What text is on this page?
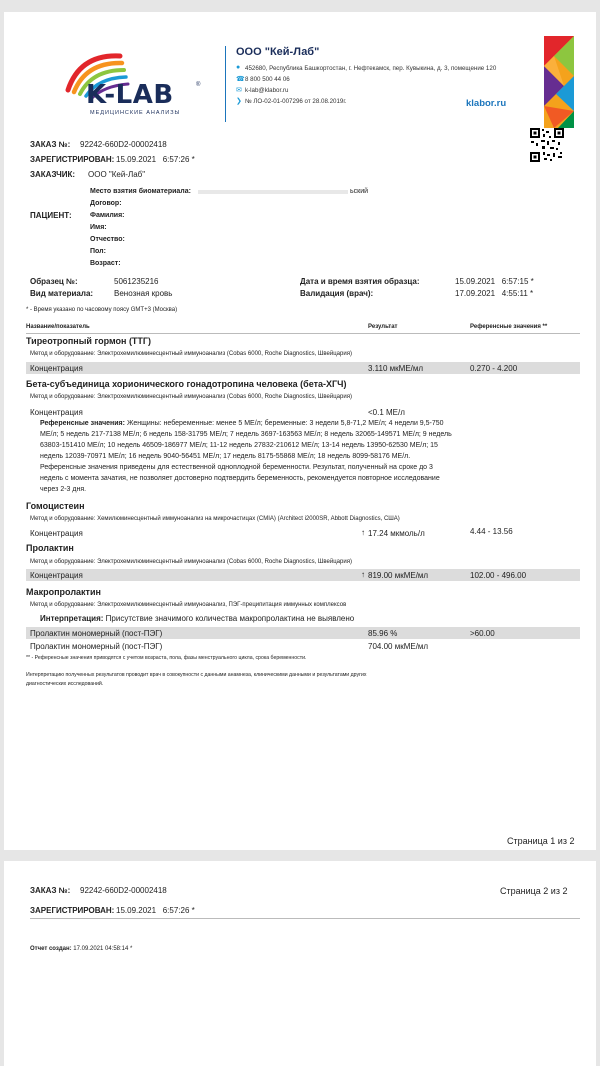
K-LAB	®
МЕДИЦИНСКИЕ АНАЛИЗЫ
ООО "Кей-Лаб"
● 452680, Республика Башкортостан, г. Нефтекамск, пер. Кувыкина, д. 3, помещение 120
☎ 8 800 500 44 06
✉ k-lab@klabor.ru
❯ № ЛО-02-01-007296 от 28.08.2019г.	klabor.ru
ЗАКАЗ №: 92242-660D2-00002418
ЗАРЕГИСТРИРОВАН: 15.09.2021   6:57:26 *
ЗАКАЗЧИК: ООО "Кей-Лаб"
ПАЦИЕНТ:
Место взятия биоматериала:	ьский
Договор:
Фамилия:
Имя:
Отчество:
Пол:
Возраст:
Образец №:	5061235216
Вид материала:	Венозная кровь
Дата и время взятия образца:	15.09.2021   6:57:15 *
Валидация (врач):	17.09.2021   4:55:11 *
* - Время указано по часовому поясу GMT+3 (Москва)
Название/показатель	Результат	Референсные значения **
Тиреотропный гормон (ТТГ)
Метод и оборудование: Электрохемилюминесцентный иммуноанализ (Cobas 6000, Roche Diagnostics, Швейцария)
Концентрация	3.110 мкМЕ/мл	0.270 - 4.200
Бета-субъединица хорионического гонадотропина человека (бета-ХГЧ)
Метод и оборудование: Электрохемилюминесцентный иммуноанализ (Cobas 6000, Roche Diagnostics, Швейцария)
Концентрация	<0.1 МЕ/л
Референсные значения: Женщины: небеременные: менее 5 МЕ/л; беременные: 3 недели 5,8-71,2 МЕ/л; 4 недели 9,5-750
МЕ/л; 5 недель 217-7138 МЕ/л; 6 недель 158-31795 МЕ/л; 7 недель 3697-163563 МЕ/л; 8 недель 32065-149571 МЕ/л; 9 недель
63803-151410 МЕ/л; 10 недель 46509-186977 МЕ/л; 11-12 недель 27832-210612 МЕ/л; 13-14 недель 13950-62530 МЕ/л; 15
недель 12039-70971 МЕ/л; 16 недель 9040-56451 МЕ/л; 17 недель 8175-55868 МЕ/л; 18 недель 8099-58176 МЕ/л.
Референсные значения приведены для естественной одноплодной беременности. Результат, полученный на сроке до 3
недель с момента зачатия, не позволяет достоверно подтвердить беременность, рекомендуется повторное исследование
через 2-3 дня.
Гомоцистеин
Метод и оборудование: Хемилюминесцентный иммуноанализ на микрочастицах (CMIA) (Architect i2000SR, Abbott Diagnostics, США)
Концентрация	↑ 17.24 мкмоль/л	4.44 - 13.56
Пролактин
Метод и оборудование: Электрохемилюминесцентный иммуноанализ (Cobas 6000, Roche Diagnostics, Швейцария)
Концентрация	↑ 819.00 мкМЕ/мл	102.00 - 496.00
Макропролактин
Метод и оборудование: Электрохемилюминесцентный иммуноанализ, ПЭГ-преципитация иммунных комплексов
Интерпретация: Присутствие значимого количества макропролактина не выявлено
Пролактин мономерный (пост-ПЭГ)	85.96 %	>60.00
Пролактин мономерный (пост-ПЭГ)	704.00 мкМЕ/мл
** - Референсные значения приводятся с учетом возраста, пола, фазы менструального цикла, срока беременности.
Интерпретацию полученных результатов проводит врач в совокупности с данными анамнеза, клиническими данными и результатами других
диагностических исследований.
Страница 1 из 2
ЗАКАЗ №: 92242-660D2-00002418	Страница 2 из 2
ЗАРЕГИСТРИРОВАН: 15.09.2021   6:57:26 *
Отчет создан: 17.09.2021 04:58:14 *
